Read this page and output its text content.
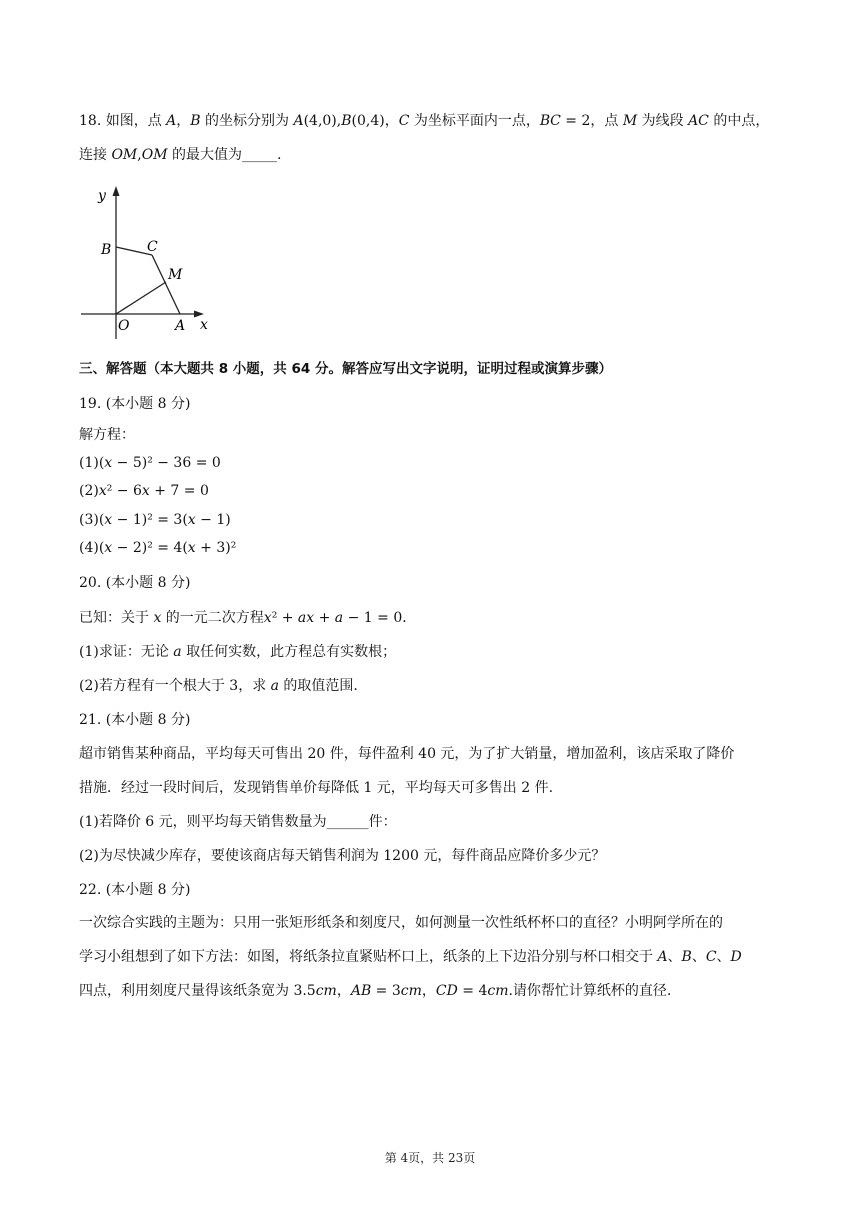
18. 如图，点 𝐴，𝐵 的坐标分别为 𝐴(4,0),𝐵(0,4)，𝐶 为坐标平面内一点，𝐵𝐶 = 2，点 𝑀 为线段 𝐴𝐶 的中点，
连接 𝑂𝑀,𝑂𝑀 的最大值为_____.
y
x
O	A
B	C
M
三、解答题（本大题共 8 小题，共 64 分。解答应写出文字说明，证明过程或演算步骤）
19. (本小题 8 分)
解方程：
(1)(𝑥 − 5)² − 36 = 0
(2)𝑥² − 6𝑥 + 7 = 0
(3)(𝑥 − 1)² = 3(𝑥 − 1)
(4)(𝑥 − 2)² = 4(𝑥 + 3)²
20. (本小题 8 分)
已知：关于 𝑥 的一元二次方程𝑥² + 𝑎𝑥 + 𝑎 − 1 = 0．
(1)求证：无论 𝑎 取任何实数，此方程总有实数根；
(2)若方程有一个根大于 3，求 𝑎 的取值范围.
21. (本小题 8 分)
超市销售某种商品，平均每天可售出 20 件，每件盈利 40 元，为了扩大销量，增加盈利，该店采取了降价
措施．经过一段时间后，发现销售单价每降低 1 元，平均每天可多售出 2 件.
(1)若降价 6 元，则平均每天销售数量为______件：
(2)为尽快减少库存，要使该商店每天销售利润为 1200 元，每件商品应降价多少元？
22. (本小题 8 分)
一次综合实践的主题为：只用一张矩形纸条和刻度尺，如何测量一次性纸杯杯口的直径？小明阿学所在的
学习小组想到了如下方法：如图，将纸条拉直紧贴杯口上，纸条的上下边沿分别与杯口相交于 𝐴、𝐵、𝐶、𝐷
四点，利用刻度尺量得该纸条宽为 3.5𝑐𝑚，𝐴𝐵 = 3𝑐𝑚，𝐶𝐷 = 4𝑐𝑚.请你帮忙计算纸杯的直径.
第 4页，共 23页
